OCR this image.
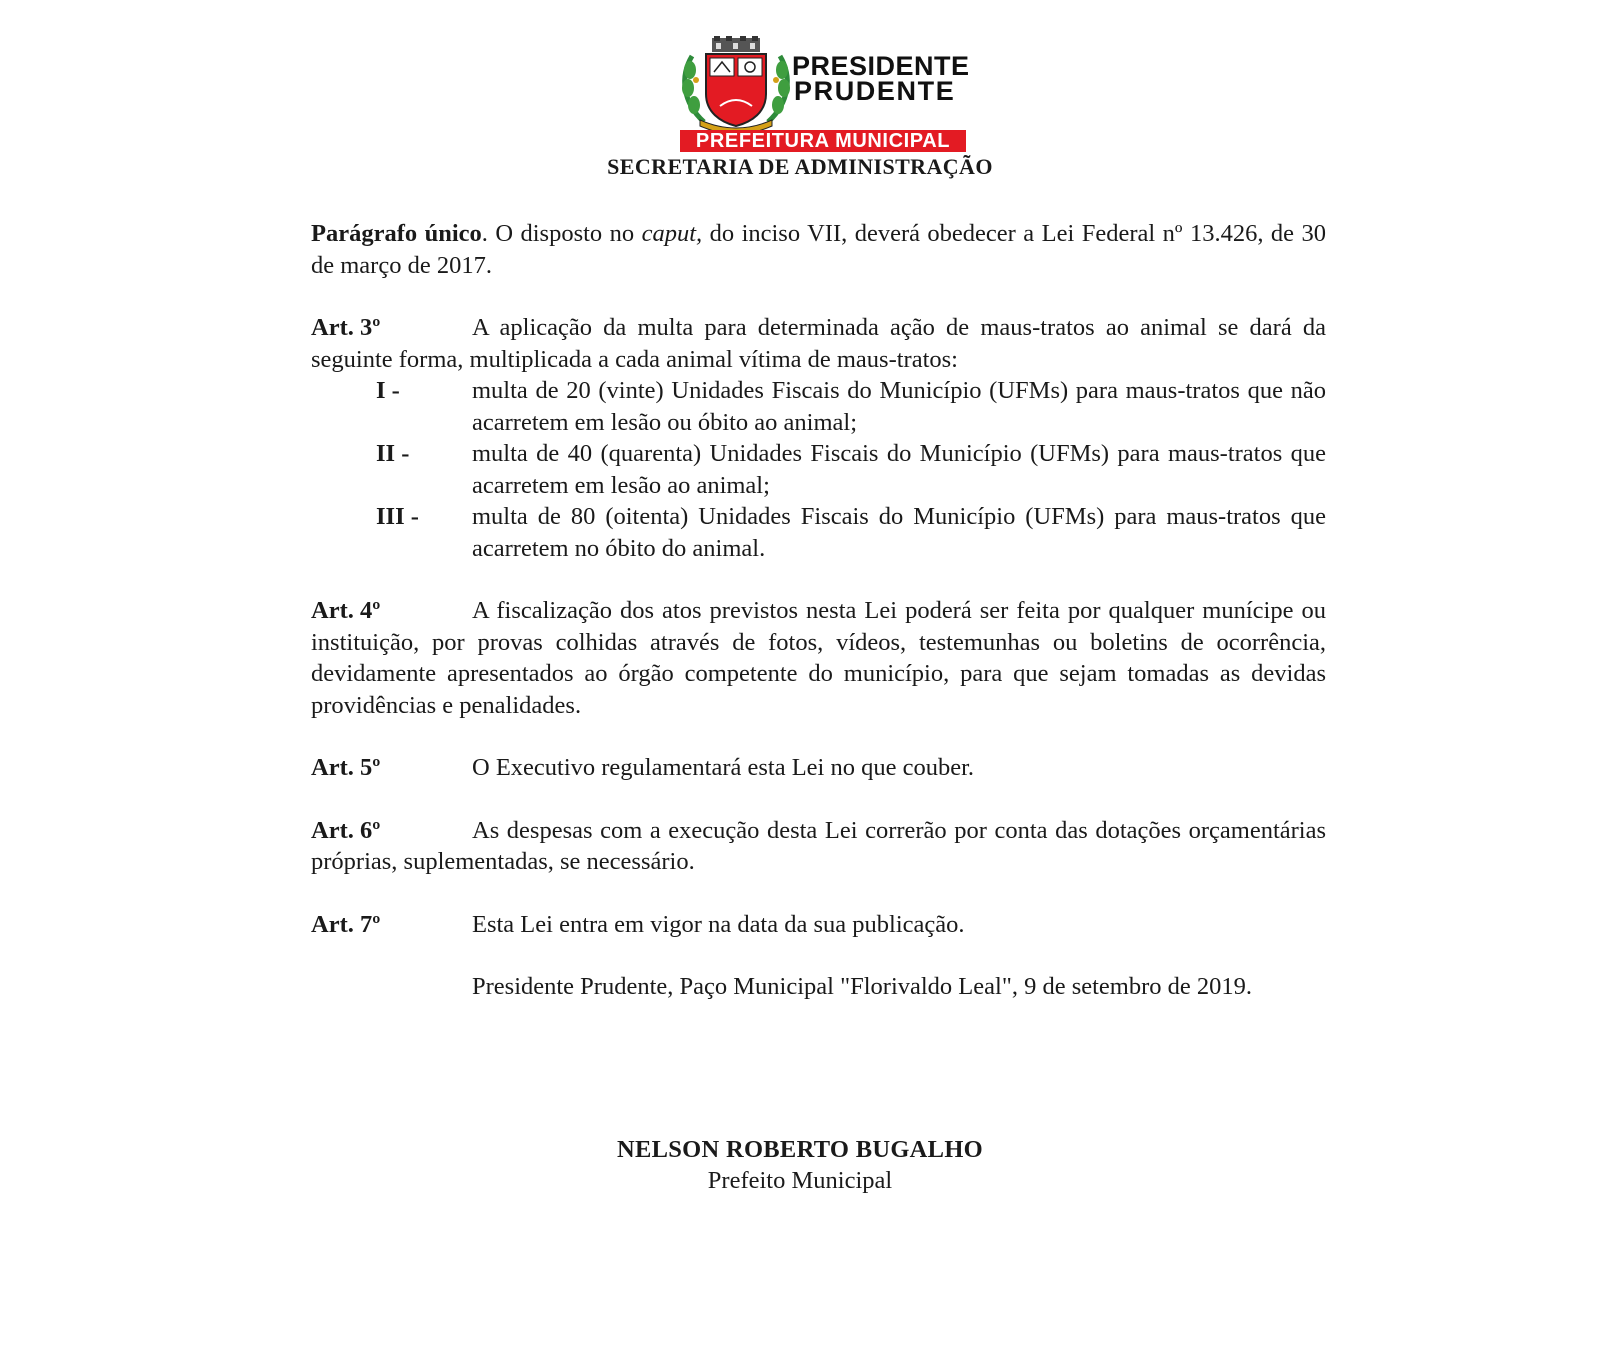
PRESIDENTE
PRUDENTE
PREFEITURA MUNICIPAL
SECRETARIA DE ADMINISTRAÇÃO

Parágrafo único. O disposto no caput, do inciso VII, deverá obedecer a Lei Federal nº 13.426, de 30 de março de 2017.

Art. 3º	A aplicação da multa para determinada ação de maus-tratos ao animal se dará da seguinte forma, multiplicada a cada animal vítima de maus-tratos:

I -	multa de 20 (vinte) Unidades Fiscais do Município (UFMs) para maus-tratos que não acarretem em lesão ou óbito ao animal;
II -	multa de 40 (quarenta) Unidades Fiscais do Município (UFMs) para maus-tratos que acarretem em lesão ao animal;
III -	multa de 80 (oitenta) Unidades Fiscais do Município (UFMs) para maus-tratos que acarretem no óbito do animal.

Art. 4º	A fiscalização dos atos previstos nesta Lei poderá ser feita por qualquer munícipe ou instituição, por provas colhidas através de fotos, vídeos, testemunhas ou boletins de ocorrência, devidamente apresentados ao órgão competente do município, para que sejam tomadas as devidas providências e penalidades.

Art. 5º	O Executivo regulamentará esta Lei no que couber.

Art. 6º	As despesas com a execução desta Lei correrão por conta das dotações orçamentárias próprias, suplementadas, se necessário.

Art. 7º	Esta Lei entra em vigor na data da sua publicação.

Presidente Prudente, Paço Municipal "Florivaldo Leal", 9 de setembro de 2019.

NELSON ROBERTO BUGALHO
Prefeito Municipal
